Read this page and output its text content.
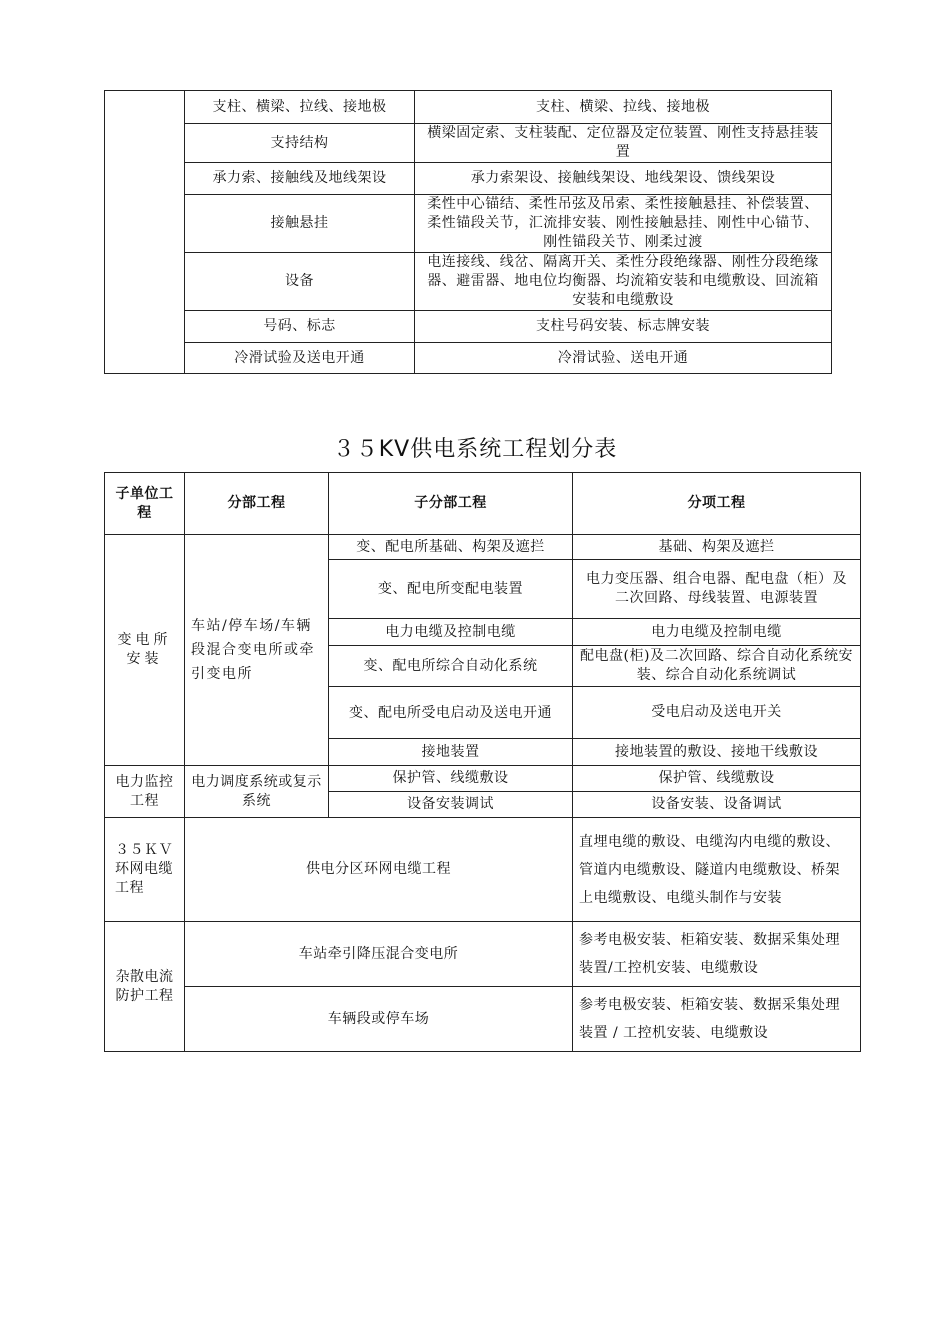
	支柱、横梁、拉线、接地极	支柱、横梁、拉线、接地极
	支持结构	横梁固定索、支柱装配、定位器及定位装置、刚性支持悬挂装置
	承力索、接触线及地线架设	承力索架设、接触线架设、地线架设、馈线架设
	接触悬挂	柔性中心锚结、柔性吊弦及吊索、柔性接触悬挂、补偿装置、柔性锚段关节，汇流排安装、刚性接触悬挂、刚性中心锚节、刚性锚段关节、刚柔过渡
	设备	电连接线、线岔、隔离开关、柔性分段绝缘器、刚性分段绝缘器、避雷器、地电位均衡器、均流箱安装和电缆敷设、回流箱安装和电缆敷设
	号码、标志	支柱号码安装、标志牌安装
	冷滑试验及送电开通	冷滑试验、送电开通
３５KV供电系统工程划分表
子单位工程	分部工程	子分部工程	分项工程
变电所安装	车站/停车场/车辆段混合变电所或牵引变电所	变、配电所基础、构架及遮拦	基础、构架及遮拦
		变、配电所变配电装置	电力变压器、组合电器、配电盘（柜）及二次回路、母线装置、电源装置
		电力电缆及控制电缆	电力电缆及控制电缆
		变、配电所综合自动化系统	配电盘(柜)及二次回路、综合自动化系统安装、综合自动化系统调试
		变、配电所受电启动及送电开通	受电启动及送电开关
		接地装置	接地装置的敷设、接地干线敷设
电力监控工程	电力调度系统或复示系统	保护管、线缆敷设	保护管、线缆敷设
		设备安装调试	设备安装、设备调试
３５ＫＶ环网电缆工程	供电分区环网电缆工程		直埋电缆的敷设、电缆沟内电缆的敷设、管道内电缆敷设、隧道内电缆敷设、桥架上电缆敷设、电缆头制作与安装
杂散电流防护工程	车站牵引降压混合变电所		参考电极安装、柜箱安装、数据采集处理装置/工控机安装、电缆敷设
	车辆段或停车场		参考电极安装、柜箱安装、数据采集处理装置 / 工控机安装、电缆敷设
